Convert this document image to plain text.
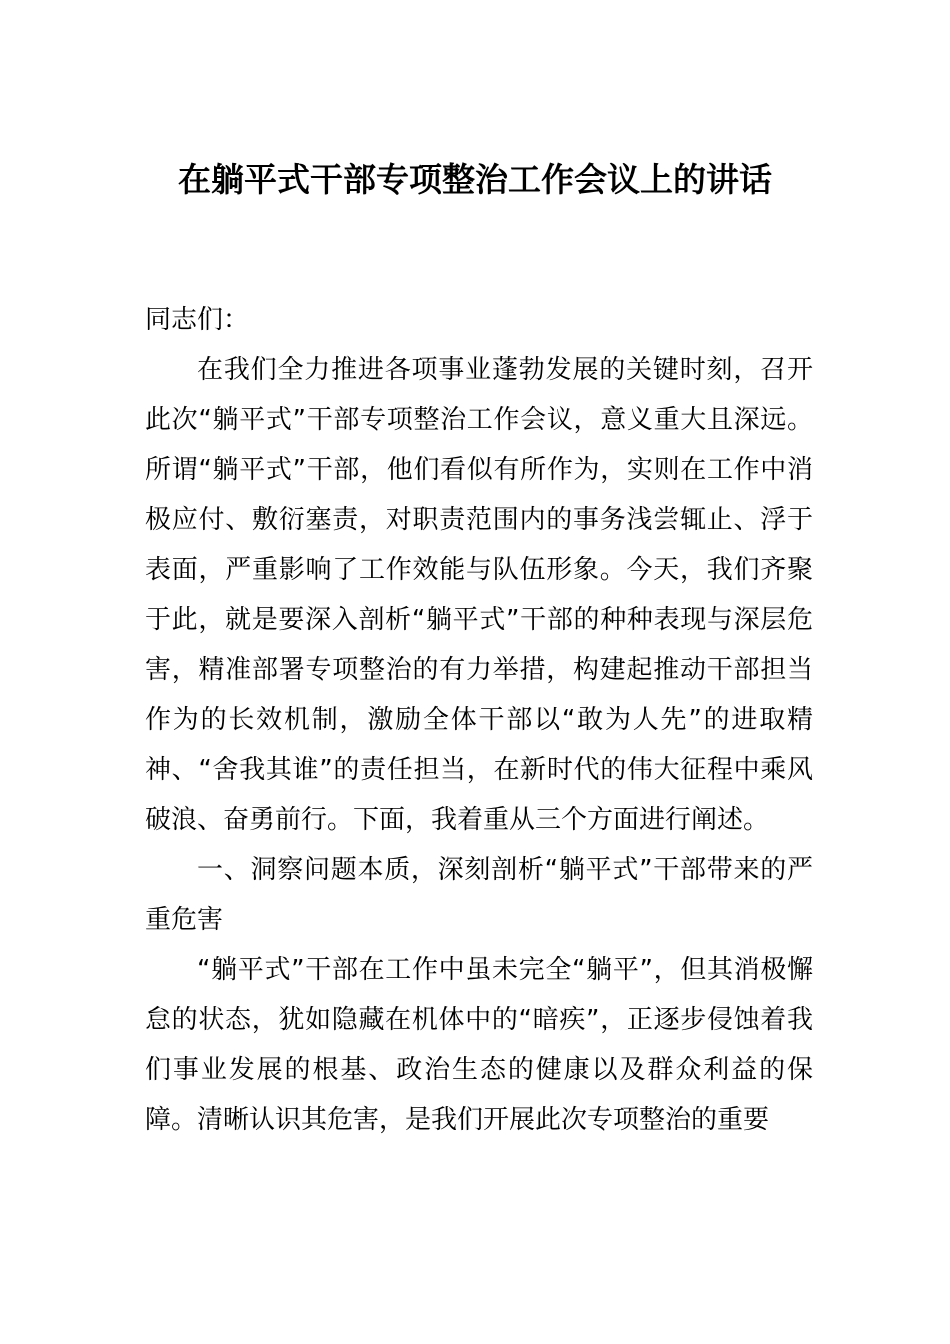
在躺平式干部专项整治工作会议上的讲话

同志们：

在我们全力推进各项事业蓬勃发展的关键时刻，召开此次“躺平式”干部专项整治工作会议，意义重大且深远。所谓“躺平式”干部，他们看似有所作为，实则在工作中消极应付、敷衍塞责，对职责范围内的事务浅尝辄止、浮于表面，严重影响了工作效能与队伍形象。今天，我们齐聚于此，就是要深入剖析“躺平式”干部的种种表现与深层危害，精准部署专项整治的有力举措，构建起推动干部担当作为的长效机制，激励全体干部以“敢为人先”的进取精神、“舍我其谁”的责任担当，在新时代的伟大征程中乘风破浪、奋勇前行。下面，我着重从三个方面进行阐述。

一、洞察问题本质，深刻剖析“躺平式”干部带来的严重危害

“躺平式”干部在工作中虽未完全“躺平”，但其消极懈怠的状态，犹如隐藏在机体中的“暗疾”，正逐步侵蚀着我们事业发展的根基、政治生态的健康以及群众利益的保障。清晰认识其危害，是我们开展此次专项整治的重要
